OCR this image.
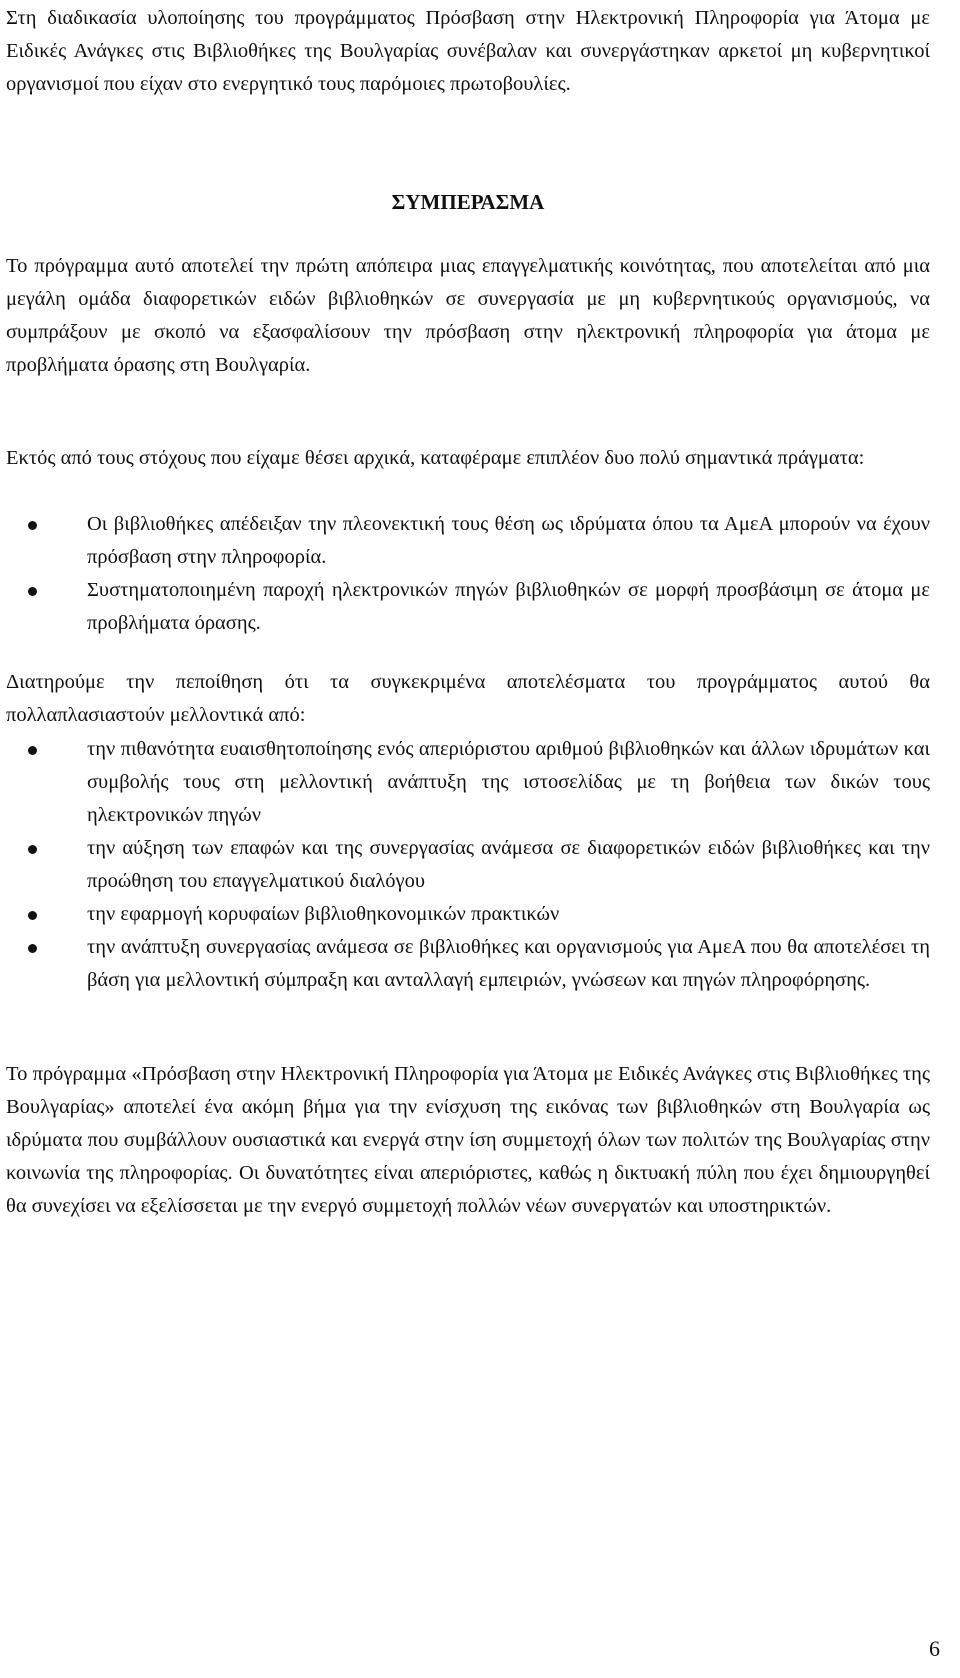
Στη διαδικασία υλοποίησης του προγράμματος Πρόσβαση στην Ηλεκτρονική Πληροφορία για Άτομα με Ειδικές Ανάγκες στις Βιβλιοθήκες της Βουλγαρίας συνέβαλαν και συνεργάστηκαν αρκετοί μη κυβερνητικοί οργανισμοί που είχαν στο ενεργητικό τους παρόμοιες πρωτοβουλίες.

ΣΥΜΠΕΡΑΣΜΑ

Το πρόγραμμα αυτό αποτελεί την πρώτη απόπειρα μιας επαγγελματικής κοινότητας, που αποτελείται από μια μεγάλη ομάδα διαφορετικών ειδών βιβλιοθηκών σε συνεργασία με μη κυβερνητικούς οργανισμούς, να συμπράξουν με σκοπό να εξασφαλίσουν την πρόσβαση στην ηλεκτρονική πληροφορία για άτομα με προβλήματα όρασης στη Βουλγαρία.

Εκτός από τους στόχους που είχαμε θέσει αρχικά, καταφέραμε επιπλέον δυο πολύ σημαντικά πράγματα:

Οι βιβλιοθήκες απέδειξαν την πλεονεκτική τους θέση ως ιδρύματα όπου τα ΑμεΑ μπορούν να έχουν πρόσβαση στην πληροφορία.
Συστηματοποιημένη παροχή ηλεκτρονικών πηγών βιβλιοθηκών σε μορφή προσβάσιμη σε άτομα με προβλήματα όρασης.

Διατηρούμε την πεποίθηση ότι τα συγκεκριμένα αποτελέσματα του προγράμματος αυτού θα πολλαπλασιαστούν μελλοντικά από:

την πιθανότητα ευαισθητοποίησης ενός απεριόριστου αριθμού βιβλιοθηκών και άλλων ιδρυμάτων και συμβολής τους στη μελλοντική ανάπτυξη της ιστοσελίδας με τη βοήθεια των δικών τους ηλεκτρονικών πηγών
την αύξηση των επαφών και της συνεργασίας ανάμεσα σε διαφορετικών ειδών βιβλιοθήκες και την προώθηση του επαγγελματικού διαλόγου
την εφαρμογή κορυφαίων βιβλιοθηκονομικών πρακτικών
την ανάπτυξη συνεργασίας ανάμεσα σε βιβλιοθήκες και οργανισμούς για ΑμεΑ που θα αποτελέσει τη βάση για μελλοντική σύμπραξη και ανταλλαγή εμπειριών, γνώσεων και πηγών πληροφόρησης.

Το πρόγραμμα «Πρόσβαση στην Ηλεκτρονική Πληροφορία για Άτομα με Ειδικές Ανάγκες στις Βιβλιοθήκες της Βουλγαρίας» αποτελεί ένα ακόμη βήμα για την ενίσχυση της εικόνας των βιβλιοθηκών στη Βουλγαρία ως ιδρύματα που συμβάλλουν ουσιαστικά και ενεργά στην ίση συμμετοχή όλων των πολιτών της Βουλγαρίας στην κοινωνία της πληροφορίας. Οι δυνατότητες είναι απεριόριστες, καθώς η δικτυακή πύλη που έχει δημιουργηθεί θα συνεχίσει να εξελίσσεται με την ενεργό συμμετοχή πολλών νέων συνεργατών και υποστηρικτών.

6
